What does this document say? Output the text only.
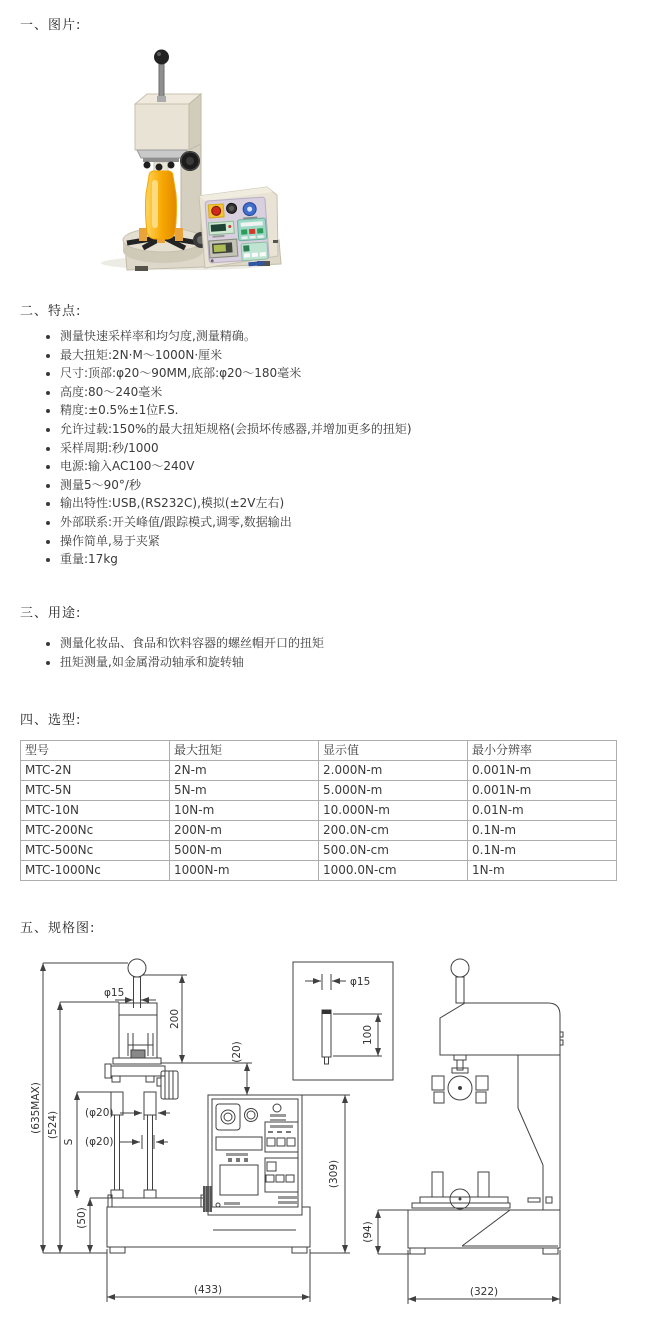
一、图片:
二、特点:
• 测量快速采样率和均匀度,测量精确。
• 最大扭矩:2N·M〜1000N·厘米
• 尺寸:顶部:φ20〜90MM,底部:φ20〜180毫米
• 高度:80〜240毫米
• 精度:±0.5%±1位F.S.
• 允许过载:150%的最大扭矩规格(会损坏传感器,并增加更多的扭矩)
• 采样周期:秒/1000
• 电源:输入AC100〜240V
• 测量5〜90°/秒
• 输出特性:USB,(RS232C),模拟(±2V左右)
• 外部联系:开关峰值/跟踪模式,调零,数据输出
• 操作简单,易于夹紧
• 重量:17kg
三、用途:
• 测量化妆品、食品和饮料容器的螺丝帽开口的扭矩
• 扭矩测量,如金属滑动轴承和旋转轴
四、选型:
型号	最大扭矩	显示值	最小分辨率
MTC-2N	2N-m	2.000N-m	0.001N-m
MTC-5N	5N-m	5.000N-m	0.001N-m
MTC-10N	10N-m	10.000N-m	0.01N-m
MTC-200Nc	200N-m	200.0N-cm	0.1N-m
MTC-500Nc	500N-m	500.0N-cm	0.1N-m
MTC-1000Nc	1000N-m	1000.0N-cm	1N-m
五、规格图:
φ15
200
(20)
(635MAX) (524)
S
(50)
(φ20)
(φ20)
(433)
(309)
φ15
100
(94)
(322)
